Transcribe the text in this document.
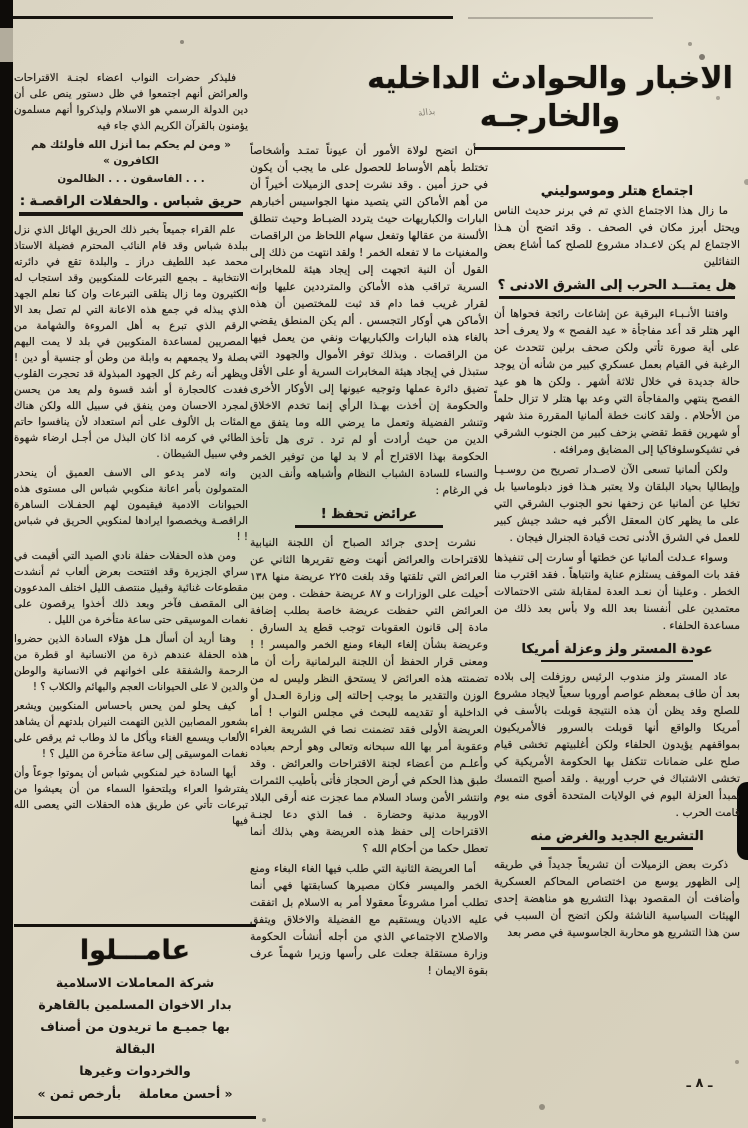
الاخبار والحوادث الداخليه والخارجـه
بذالة
اجتماع هتلر وموسوليني

ما زال هذا الاجتماع الذي تم في برنر حديث الناس ويحتل أبرز مكان في الصحف . وقد اتضح أن هـذا الاجتماع لم يكن لاعـداد مشروع للصلح كما أشاع بعض التفائلين

هل يمتـــد الحرب إلى الشرق الادنى ؟

وافتنا الأنـبـاء البرقية عن إشاعات رائجة فحواها أن الهر هتلر قد أعد مفاجأة « عيد الفصح » ولا يعرف أحد على أية صورة تأتي ولكن صحف برلين تتحدث عن الرغبة في القيام بعمل عسكري كبير من شأنه أن يوجد حالة جديدة في خلال ثلاثة أشهر . ولكن ها هو عيد الفصح ينتهي والمفاجأة التي وعد بها هتلر لا تزال حلماً من الأحلام . ولقد كانت خطة ألمانيا المقررة منذ شهر أو شهرين فقط تقضي بزحف كبير من الجنوب الشرقي في تشيكوسلوفاكيا إلى المضايق ومرافئه .

ولكن ألمانيا تسعى الآن لاصـدار تصريح من روسـيـا وإيطاليا بحياد البلقان ولا يعتبر هـذا فوز دبلوماسيا بل تخليا عن ألمانيا عن زحفها نحو الجنوب الشرقي التي على ما يظهر كان المعقل الأكبر فيه حشد جيش كبير للعمل في الشرق الأدنى تحت قيادة الجنرال فيجان .

وسواء عـدلت ألمانيا عن خطتها أو سارت إلى تنفيذها فقد بات الموقف يستلزم عناية وانتباهاً . فقد اقترب منا الخطر . وعلينا أن نعـد العدة لمقابلة شتى الاحتمالات معتمدين على أنفسنا بعد الله ولا بأس بعد ذلك من مساعدة الحلفاء .

عودة المستر ولز وعزلة أمريكا

عاد المستر ولز مندوب الرئيس روزفلت إلى بلاده بعد أن طاف بمعظم عواصم أوروبا سعياً لايجاد مشروع للصلح وقد يظن أن هذه النتيجة قوبلت بالأسف في أمريكا والواقع أنها قوبلت بالسرور فالأمريكيون بمواقفهم يؤيدون الحلفاء ولكن أغلبيتهم تخشى قيام صلح على ضمانات تتكفل بها الحكومة الأمريكية كي تخشى الاشتباك في حرب أوربية . ولقد أصبح التمسك بمبدأ العزلة اليوم في الولايات المتحدة أقوى منه يوم قامت الحرب .

التشريع الجديد والغرض منه

ذكرت بعض الزميلات أن تشريعاً جديداً في طريقه إلى الظهور يوسع من اختصاص المحاكم العسكرية وأضافت أن المقصود بهذا التشريع هو مناهضة إحدى الهيئات السياسية الناشئة ولكن اتضح أن السبب في سن هذا التشريع هو محاربة الجاسوسية في مصر بعد

أن اتضح لولاة الأمور أن عيوناً تمتـد وأشخاصاً تختلط بأهم الأوساط للحصول على ما يجب أن يكون في حرز أمين . وقد نشرت إحدى الزميلات أخيراً أن من أهم الأماكن التي يتصيد منها الجواسيس أخبارهم البارات والكباريهات حيث يتردد الضبـاط وحيث تنطلق الألسنة من عقالها وتفعل سهام اللحاظ من الراقصات والمغنيات ما لا تفعله الخمر ! ولقد انتهت من ذلك إلى القول أن النية اتجهت إلى إيجاد هيئة للمخابرات السرية تراقب هذه الأماكن والمترددين عليها وإنه لقرار غريب فما دام قد ثبت للمختصين أن هذه الأماكن هي أوكار التجسس . ألم يكن المنطق يقضي بالغاء هذه البارات والكباريهات ونفي من يعمل فيها من الراقصات . وبذلك توفر الأموال والجهود التي ستبذل في إيجاد هيئة المخابرات السرية أو على الأقل تضيق دائرة عملها وتوجيه عيونها إلى الأوكار الأخرى والحكومة إن أخذت بهـذا الرأي إنما تخدم الاخلاق وتنشر الفضيلة وتعمل ما يرضي الله وما يتفق مع الدين من حيث أرادت أو لم ترد . ترى هل تأخذ الحكومة بهذا الاقتراح أم لا بد لها من توفير الخمر والنساء للسادة الشباب النظام وأشباهه وأنف الدين في الرغام :

عرائض تحفظ !

نشرت إحدى جرائد الصباح أن اللجنة النيابية للاقتراحات والعرائض أنهت وضع تقريرها الثاني عن العرائض التي تلقتها وقد بلغت ٢٢٥ عريضة منها ١٣٨ أحيلت على الوزارات و ٨٧ عريضة حفظت . ومن بين العرائض التي حفظت عريضة خاصة بطلب إضافة مادة إلى قانون العقوبات توجب قطع يد السارق . وعريضة بشأن إلغاء البغاء ومنع الخمر والميسر ! ! ومعنى قرار الحفظ أن اللجنة البرلمانية رأت أن ما تضمنته هذه العرائض لا يستحق النظر وليس له من الوزن والتقدير ما يوجب إحالته إلى وزارة العـدل أو الداخلية أو تقديمه للبحث في مجلس النواب ! أما العريضة الأولى فقد تضمنت نصا في الشريعة الغراء وعقوبة أمر بها الله سبحانه وتعالى وهو أرحم بعباده وأعلـم من أعضاء لجنة الاقتراحات والعرائض . وقد طبق هذا الحكم في أرض الحجاز فأتى بأطيب الثمرات وانتشر الأمن وساد السلام مما عجزت عنه أرقى البلاد الاوربية مدنية وحضارة . فما الذي دعا لجنـة الاقتراحات إلى حفظ هذه العريضة وهي بذلك أنما تعطل حكما من أحكام الله ؟

أما العريضة الثانية التي طلب فيها الغاء البغاء ومنع الخمر والميسر فكان مصيرها كسابقتها فهي أنما تطلب أمرا مشروعاً معقولا أمر به الاسلام بل اتفقت عليه الاديان ويستقيم مع الفضيلة والاخلاق ويتفق والاصلاح الاجتماعي الذي من أجله أنشأت الحكومة وزارة مستقلة جعلت على رأسها وزيرا شهماً عرف بقوة الايمان !

فليذكر حضرات النواب اعضاء لجنـة الاقتراحات والعرائض أنهم اجتمعوا في ظل دستور ينص على أن دين الدولة الرسمي هو الاسلام وليذكروا أنهم مسلمون يؤمنون بالقرآن الكريم الذي جاء فيه

« ومن لم يحكم بما أنزل الله فأولئك هم الكافرون »

. . . الفاسقون . . . الظالمون

حريق شباس . والحفلات الراقصـة :

علم القراء جميعاً بخبر ذلك الحريق الهائل الذي نزل ببلدة شباس وقد قام النائب المحترم فضيلة الاستاذ محمد عبد اللطيف دراز ـ والبلدة تقع في دائرته الانتخابية ـ بجمع التبرعات للمنكوبين وقد استجاب له الكثيرون وما زال يتلقى التبرعات وان كنا نعلم الجهد الذي يبذله في جمع هذه الاعانة التي لم تصل بعد الا الرقم الذي تبرع به أهل المروءة والشهامة من المصريين لمساعدة المنكوبين في بلد لا يمت اليهم بصلة ولا يجمعهم به وابلة من وطن أو جنسية أو دين ! ويظهر أنه رغم كل الجهود المبذولة قد تحجرت القلوب فغدت كالحجارة أو أشد قسوة ولم يعد من يحسن لمجرد الاحسان ومن ينفق في سبيل الله ولكن هناك المئات بل الألوف على أتم استعداد لأن ينافسوا حاتم الطائي في كرمه اذا كان البذل من أجـل ارضاء شهوة وفي سبيل الشيطان .

وانه لامر يدعو الى الاسف العميق أن ينحدر المتمولون بأمر اعانة منكوبي شباس الى مستوى هذه الحيوانات الادمية فيقيمون لهم الحفـلات الساهرة الراقصـة ويخصصوا ايرادها لمنكوبي الحريق في شباس ! !

ومن هذه الحفلات حفلة نادي الصيد التي أقيمت في سراي الجزيرة وقد افتتحت بعرض ألعاب ثم أنشدت مقطوعات غنائية وقبيل منتصف الليل اختلف المدعوون الى المقصف فآخر وبعد ذلك أخذوا يرقصون على نغمات الموسيقى حتى ساعة متأخرة من الليل .

وهنا أريد أن أسأل هـل هؤلاء السادة الذين حضروا هذه الحفلة عندهم ذرة من الانسانية او قطرة من الرحمة والشفقة على اخوانهم في الانسانية والوطن والدين لا على الحيوانات العجم والبهائم والكلاب ؟ !

كيف يحلو لمن يحس باحساس المنكوبين ويشعر بشعور المصابين الذين التهمت النيران بلدتهم أن يشاهد الألعاب ويسمع الغناء ويأكل ما لذ وطاب ثم يرقص على نغمات الموسيقى إلى ساعة متأخرة من الليل ؟ !

أيها السادة خير لمنكوبي شباس أن يموتوا جوعاً وأن يفترشوا العراء ويلتحفوا السماء من أن يعيشوا من تبرعات تأتي عن طريق هذه الحفلات التي يعصى الله فيها

عامـــلوا
شركة المعاملات الاسلامية
بدار الاخوان المسلمين بالقاهرة
بها جميـع ما تريدون من أصناف البقالة
والخردوات وغيرها
« أحسن معاملة    بأرخص ثمن »
ـ ٨ ـ
